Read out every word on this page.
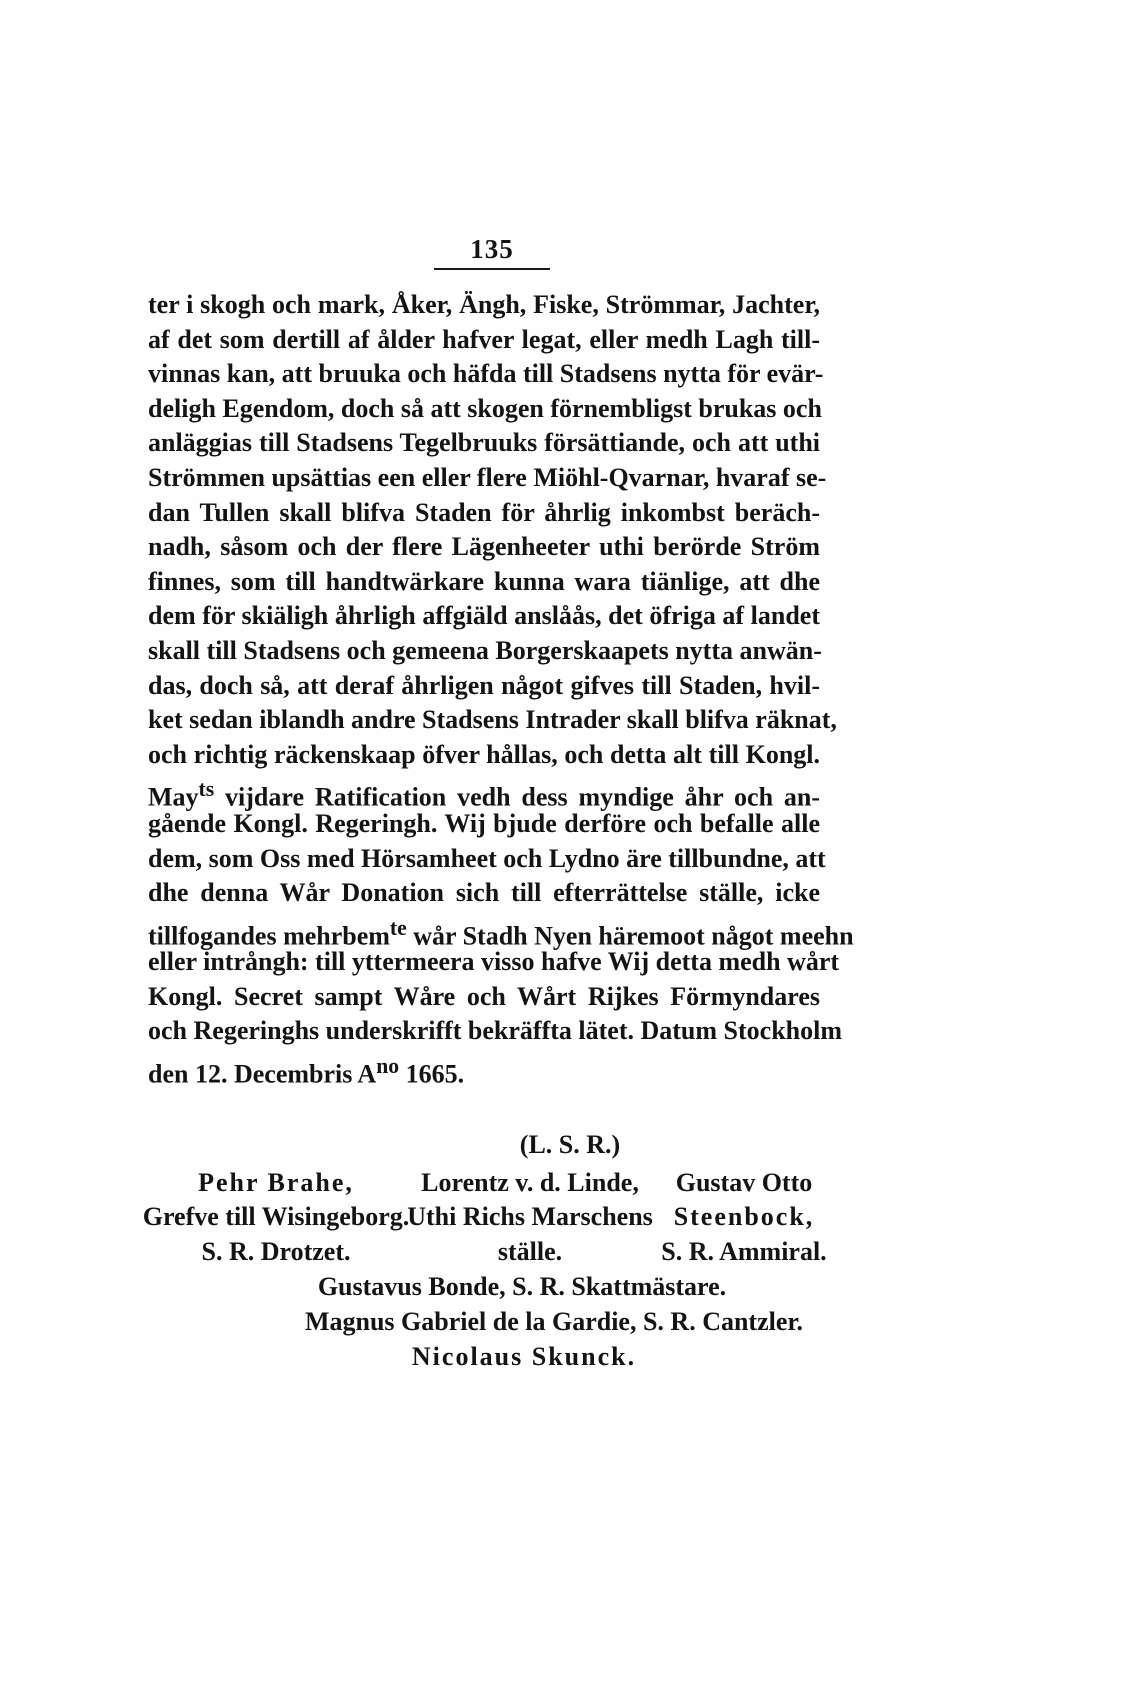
135
ter i skogh och mark, Åker, Ängh, Fiske, Strömmar, Jachter,
af det som dertill af ålder hafver legat, eller medh Lagh till-
vinnas kan, att bruuka och häfda till Stadsens nytta för evär-
deligh Egendom, doch så att skogen förnembligst brukas och
anläggias till Stadsens Tegelbruuks försättiande, och att uthi
Strömmen upsättias een eller flere Miöhl-Qvarnar, hvaraf se-
dan Tullen skall blifva Staden för åhrlig inkombst beräch-
nadh, såsom och der flere Lägenheeter uthi berörde Ström
finnes, som till handtwärkare kunna wara tiänlige, att dhe
dem för skiäligh åhrligh affgiäld anslåås, det öfriga af landet
skall till Stadsens och gemeena Borgerskaapets nytta anwän-
das, doch så, att deraf åhrligen något gifves till Staden, hvil-
ket sedan iblandh andre Stadsens Intrader skall blifva räknat,
och richtig räckenskaap öfver hållas, och detta alt till Kongl.
May$^{ts}$ vijdare Ratification vedh dess myndige åhr och an-
gående Kongl. Regeringh. Wij bjude derföre och befalle alle
dem, som Oss med Hörsamheet och Lydno äre tillbundne, att
dhe denna Wår Donation sich till efterrättelse ställe, icke
tillfogandes mehrbem$^{te}$ wår Stadh Nyen häremoot något meehn
eller intrångh: till yttermeera visso hafve Wij detta medh wårt
Kongl. Secret sampt Wåre och Wårt Rijkes Förmyndares
och Regeringhs underskrifft bekräffta lätet. Datum Stockholm
den 12. Decembris $A^{no}$ 1665.
(L. S. R.)
Pehr Brahe,
Grefve till Wisingeborg.
S. R. Drotzet.
Lorentz v. d. Linde,
Uthi Richs Marschens
ställe.
Gustav Otto
Steenbock,
S. R. Ammiral.
Gustavus Bonde, S. R. Skattmästare.
Magnus Gabriel de la Gardie, S. R. Cantzler.
Nicolaus Skunck.
